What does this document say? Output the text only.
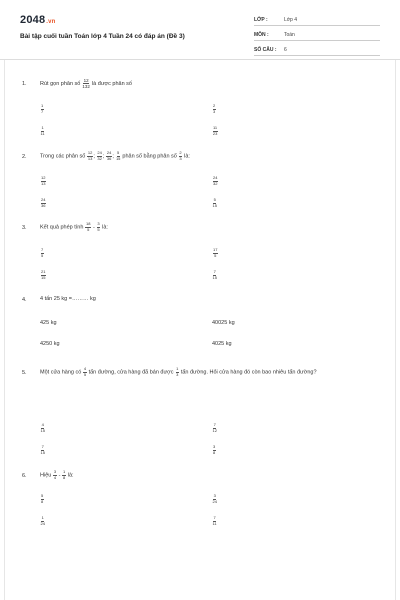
2048.vn
Bài tập cuối tuần Toán lớp 4 Tuần 24 có đáp án (Đề 3)
LỚP :	Lớp 4
MÔN :	Toán
SỐ CÂU : 6
1. Rút gọn phân số $\frac{12}{132}$ là được phân số
$\frac{1}{7}$	$\frac{2}{3}$
$\frac{1}{11}$	$\frac{11}{23}$
2. Trong các phân số $\frac{12}{13}$ ; $\frac{24}{32}$ ; $\frac{24}{36}$ ; $\frac{5}{15}$ phân số bằng phân số $\frac{2}{3}$ là:
$\frac{12}{13}$	$\frac{24}{32}$
$\frac{24}{36}$	$\frac{5}{15}$
3. Kết quả phép tính $\frac{18}{5} - \frac{3}{5}$ là:
$\frac{7}{5}$	$\frac{17}{5}$
$\frac{21}{15}$	$\frac{7}{15}$
4. 4 tấn 25 kg =……… kg
425 kg	40025 kg
4250 kg	4025 kg
5. Một cửa hàng có $\frac{4}{5}$ tấn đường, cửa hàng đã bán được $\frac{1}{3}$ tấn đường. Hỏi cửa hàng đó còn bao nhiêu tấn đường?
$\frac{4}{15}$	$\frac{7}{12}$
$\frac{7}{15}$	$\frac{3}{8}$
6. Hiệu $\frac{3}{4} - \frac{1}{8}$ là:
$\frac{5}{8}$	$\frac{3}{24}$
$\frac{1}{24}$	$\frac{7}{11}$
